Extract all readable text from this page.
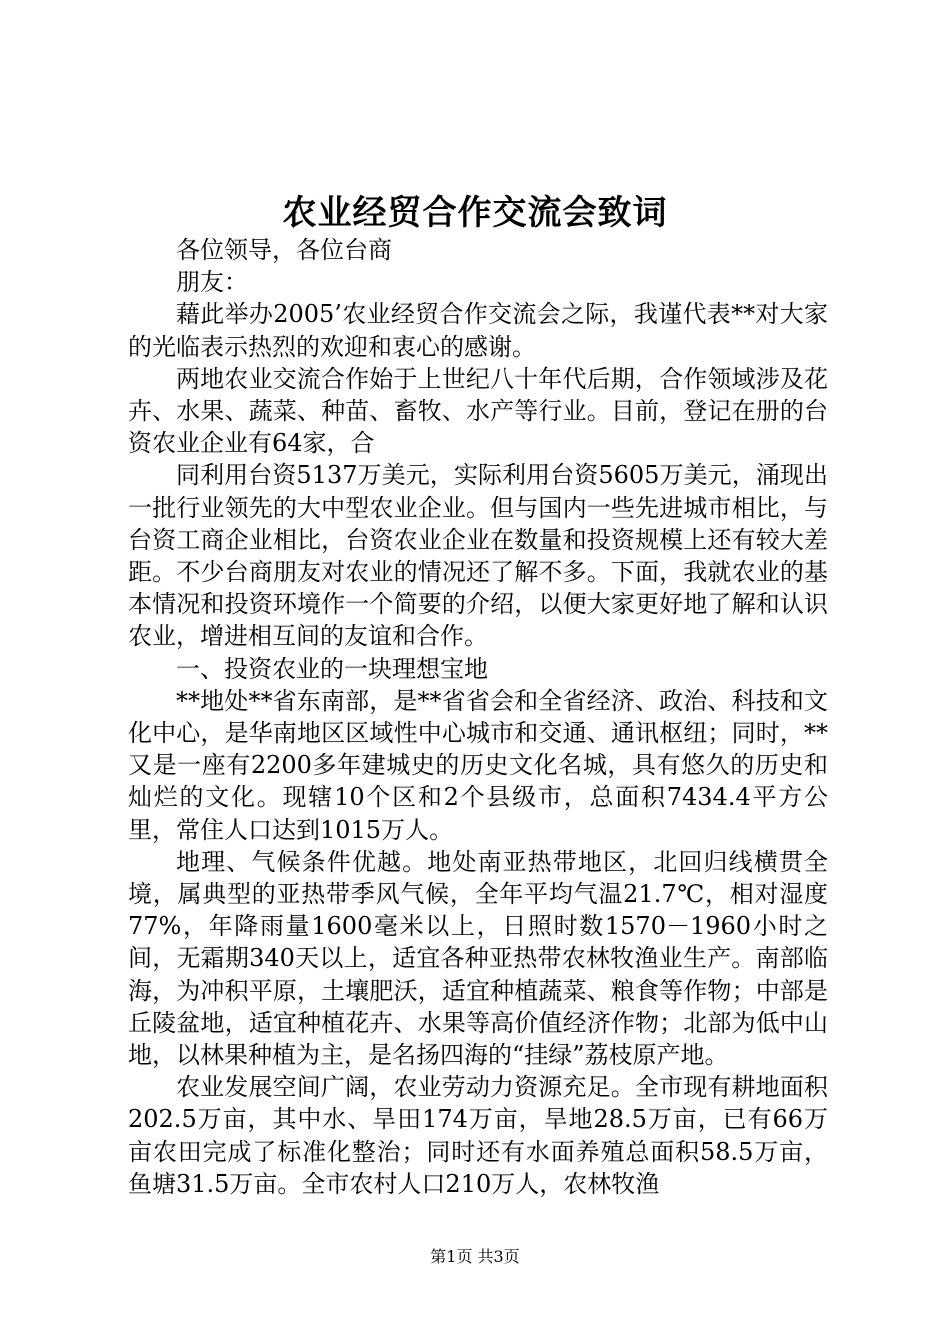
农业经贸合作交流会致词

各位领导，各位台商

朋友：

藉此举办2005’农业经贸合作交流会之际，我谨代表**对大家的光临表示热烈的欢迎和衷心的感谢。

两地农业交流合作始于上世纪八十年代后期，合作领域涉及花卉、水果、蔬菜、种苗、畜牧、水产等行业。目前，登记在册的台资农业企业有64家，合

同利用台资5137万美元，实际利用台资5605万美元，涌现出一批行业领先的大中型农业企业。但与国内一些先进城市相比，与台资工商企业相比，台资农业企业在数量和投资规模上还有较大差距。不少台商朋友对农业的情况还了解不多。下面，我就农业的基本情况和投资环境作一个简要的介绍，以便大家更好地了解和认识农业，增进相互间的友谊和合作。

一、投资农业的一块理想宝地

**地处**省东南部，是**省省会和全省经济、政治、科技和文化中心，是华南地区区域性中心城市和交通、通讯枢纽；同时，**又是一座有2200多年建城史的历史文化名城，具有悠久的历史和灿烂的文化。现辖10个区和2个县级市，总面积7434.4平方公里，常住人口达到1015万人。

地理、气候条件优越。地处南亚热带地区，北回归线横贯全境，属典型的亚热带季风气候，全年平均气温21.7℃，相对湿度77%，年降雨量1600毫米以上，日照时数1570－1960小时之间，无霜期340天以上，适宜各种亚热带农林牧渔业生产。南部临海，为冲积平原，土壤肥沃，适宜种植蔬菜、粮食等作物；中部是丘陵盆地，适宜种植花卉、水果等高价值经济作物；北部为低中山地，以林果种植为主，是名扬四海的“挂绿”荔枝原产地。

农业发展空间广阔，农业劳动力资源充足。全市现有耕地面积202.5万亩，其中水、旱田174万亩，旱地28.5万亩，已有66万亩农田完成了标准化整治；同时还有水面养殖总面积58.5万亩，鱼塘31.5万亩。全市农村人口210万人，农林牧渔

第1页 共3页
